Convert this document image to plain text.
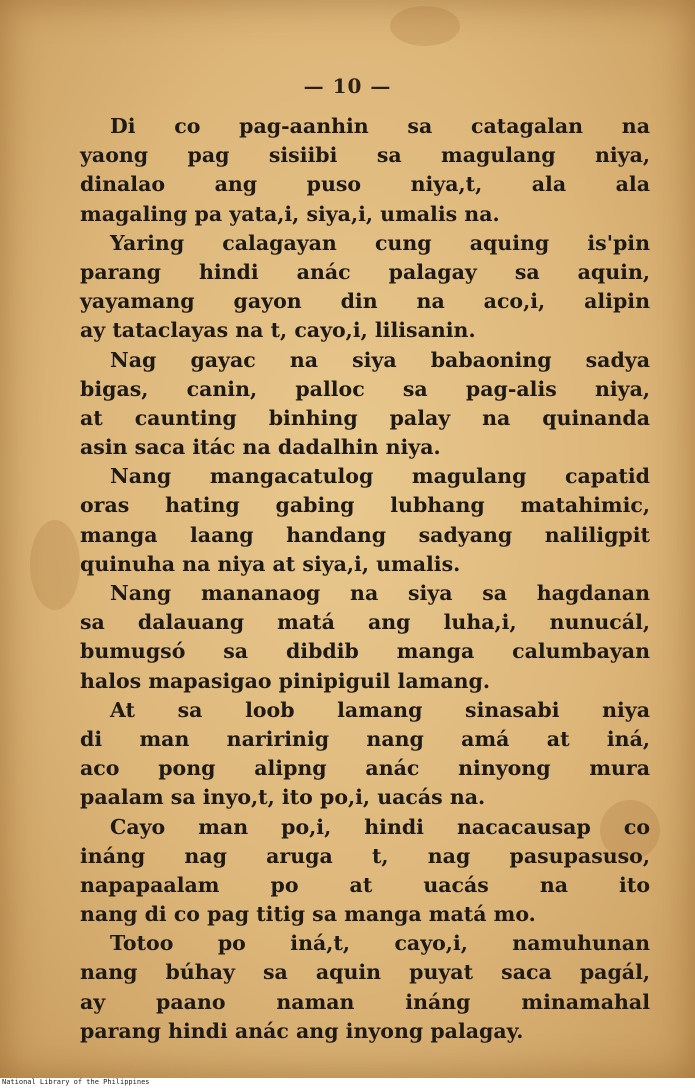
— 10 —
Di co pag-aanhin sa catagalan na
yaong pag sisiibi sa magulang niya,
dinalao ang puso niya,t, ala ala
magaling pa yata,i, siya,i, umalis na.
Yaring calagayan cung aquing is'pin
parang hindi anác palagay sa aquin,
yayamang gayon din na aco,i, alipin
ay tataclayas na t, cayo,i, lilisanin.
Nag gayac na siya babaoning sadya
bigas, canin, palloc sa pag-alis niya,
at caunting binhing palay na quinanda
asin saca itác na dadalhin niya.
Nang mangacatulog magulang capatid
oras hating gabing lubhang matahimic,
manga laang handang sadyang naliligpit
quinuha na niya at siya,i, umalis.
Nang mananaog na siya sa hagdanan
sa dalauang matá ang luha,i, nunucál,
bumugsó sa dibdib manga calumbayan
halos mapasigao pinipiguil lamang.
At sa loob lamang sinasabi niya
di man naririnig nang amá at iná,
aco pong alipng anác ninyong mura
paalam sa inyo,t, ito po,i, uacás na.
Cayo man po,i, hindi nacacausap co
ináng nag aruga t, nag pasupasuso,
napapaalam po at uacás na ito
nang di co pag titig sa manga matá mo.
Totoo po iná,t, cayo,i, namuhunan
nang búhay sa aquin puyat saca pagál,
ay paano naman ináng minamahal
parang hindi anác ang inyong palagay.
National Library of the Philippines
